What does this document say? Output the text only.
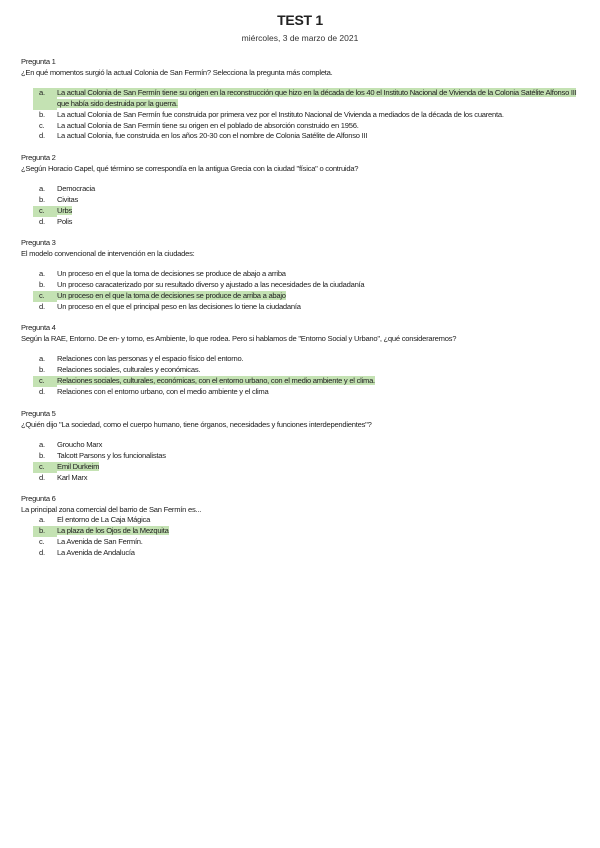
TEST 1
miércoles, 3 de marzo de 2021
Pregunta 1
¿En qué momentos surgió la actual Colonia de San Fermín? Selecciona la pregunta más completa.
a.	La actual Colonia de San Fermín tiene su origen en la reconstrucción que hizo en la década de los 40 el Instituto Nacional de Vivienda de la Colonia Satélite Alfonso III que había sido destruida por la guerra.
b.	La actual Colonia de San Fermín fue construida por primera vez por el Instituto Nacional de Vivienda a mediados de la década de los cuarenta.
c.	La actual Colonia de San Fermín tiene su origen en el poblado de absorción construido en 1956.
d.	La actual Colonia, fue construida en los años 20-30 con el nombre de Colonia Satélite de Alfonso III
Pregunta 2
¿Según Horacio Capel, qué término se correspondía en la antigua Grecia con la ciudad "física" o contruida?
a.	Democracia
b.	Civitas
c.	Urbs
d.	Polis
Pregunta 3
El modelo convencional de intervención en la ciudades:
a.	Un proceso en el que la toma de decisiones se produce de abajo a arriba
b.	Un proceso caracaterizado por su resultado diverso y ajustado a las necesidades de la ciudadanía
c.	Un proceso en el que la toma de decisiones se produce de arriba a abajo
d.	Un proceso en el que el principal peso en las decisiones lo tiene la ciudadanía
Pregunta 4
Según la RAE, Entorno. De en- y torno, es Ambiente, lo que rodea. Pero si hablamos de "Entorno Social y Urbano", ¿qué consideraremos?
a.	Relaciones con las personas y el espacio físico del entorno.
b.	Relaciones sociales, culturales y económicas.
c.	Relaciones sociales, culturales, económicas, con el entorno urbano, con el medio ambiente y el clima.
d.	Relaciones con el entorno urbano, con el medio ambiente y el clima
Pregunta 5
¿Quién dijo "La sociedad, como el cuerpo humano, tiene órganos, necesidades y funciones interdependientes"?
a.	Groucho Marx
b.	Talcott Parsons y los funcionalistas
c.	Emil Durkeim
d.	Karl Marx
Pregunta 6
La principal zona comercial del barrio de San Fermín es...
a.	El entorno de La Caja Mágica
b.	La plaza de los Ojos de la Mezquita
c.	La Avenida de San Fermín.
d.	La Avenida de Andalucía
